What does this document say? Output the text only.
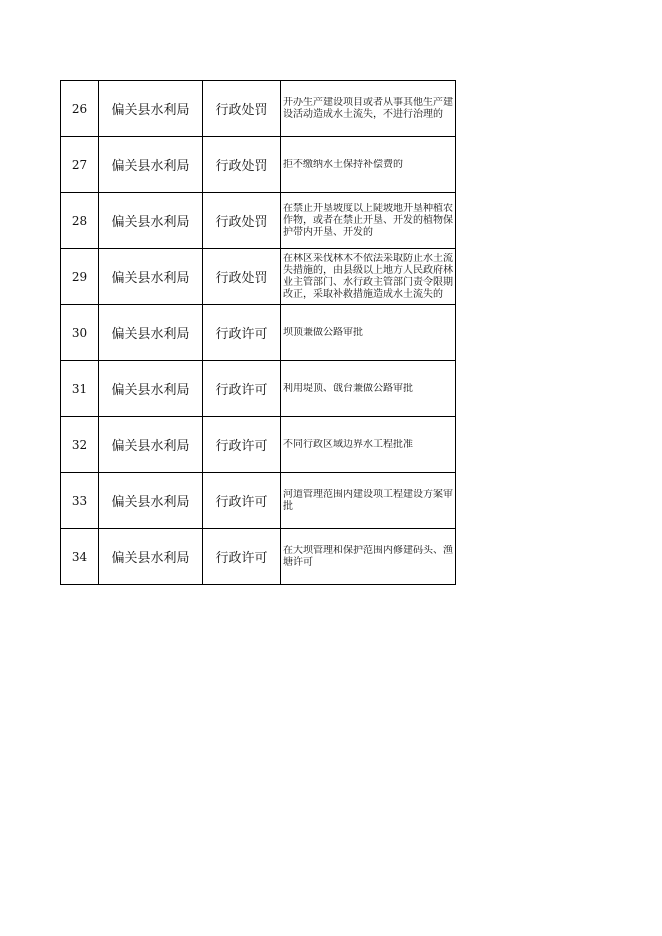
26	偏关县水利局	行政处罚	开办生产建设项目或者从事其他生产建设活动造成水土流失，不进行治理的

27	偏关县水利局	行政处罚	拒不缴纳水土保持补偿费的

28	偏关县水利局	行政处罚	在禁止开垦坡度以上陡坡地开垦种植农作物，或者在禁止开垦、开发的植物保护带内开垦、开发的

29	偏关县水利局	行政处罚	在林区采伐林木不依法采取防止水土流失措施的，由县级以上地方人民政府林业主管部门、水行政主管部门责令限期改正，采取补救措施造成水土流失的

30	偏关县水利局	行政许可	坝顶兼做公路审批

31	偏关县水利局	行政许可	利用堤顶、戗台兼做公路审批

32	偏关县水利局	行政许可	不同行政区域边界水工程批准

33	偏关县水利局	行政许可	河道管理范围内建设项工程建设方案审批

34	偏关县水利局	行政许可	在大坝管理和保护范围内修建码头、渔塘许可
